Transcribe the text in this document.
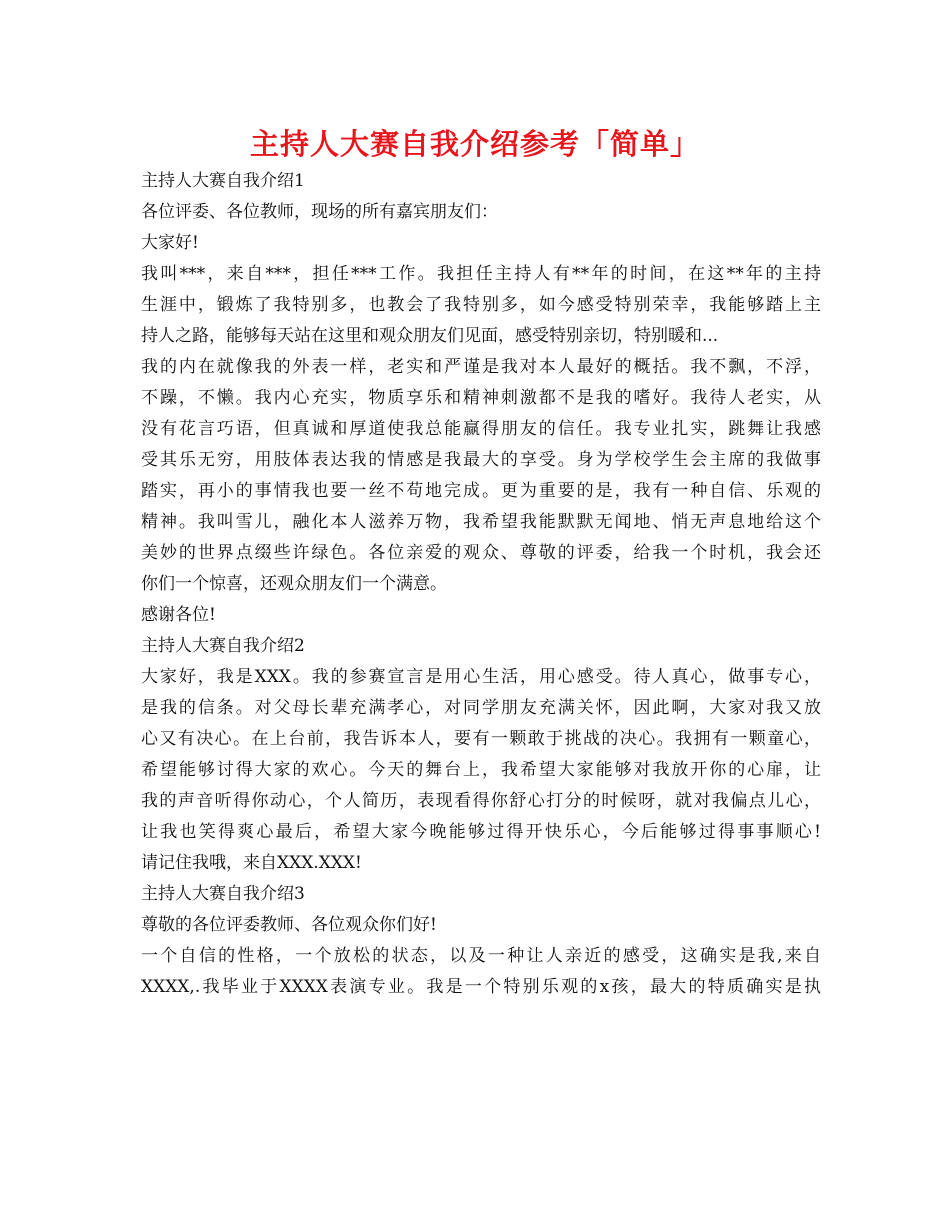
主持人大赛自我介绍参考「简单」
主持人大赛自我介绍1
各位评委、各位教师，现场的所有嘉宾朋友们：
大家好!
我叫***，来自***，担任***工作。我担任主持人有**年的时间，在这**年的主持
生涯中，锻炼了我特别多，也教会了我特别多，如今感受特别荣幸，我能够踏上主
持人之路，能够每天站在这里和观众朋友们见面，感受特别亲切，特别暖和...
我的内在就像我的外表一样，老实和严谨是我对本人最好的概括。我不飘，不浮，
不躁，不懒。我内心充实，物质享乐和精神刺激都不是我的嗜好。我待人老实，从
没有花言巧语，但真诚和厚道使我总能赢得朋友的信任。我专业扎实，跳舞让我感
受其乐无穷，用肢体表达我的情感是我最大的享受。身为学校学生会主席的我做事
踏实，再小的事情我也要一丝不苟地完成。更为重要的是，我有一种自信、乐观的
精神。我叫雪儿，融化本人滋养万物，我希望我能默默无闻地、悄无声息地给这个
美妙的世界点缀些许绿色。各位亲爱的观众、尊敬的评委，给我一个时机，我会还
你们一个惊喜，还观众朋友们一个满意。
感谢各位!
主持人大赛自我介绍2
大家好，我是XXX。我的参赛宣言是用心生活，用心感受。待人真心，做事专心，
是我的信条。对父母长辈充满孝心，对同学朋友充满关怀，因此啊，大家对我又放
心又有决心。在上台前，我告诉本人，要有一颗敢于挑战的决心。我拥有一颗童心，
希望能够讨得大家的欢心。今天的舞台上，我希望大家能够对我放开你的心扉，让
我的声音听得你动心，个人简历，表现看得你舒心打分的时候呀，就对我偏点儿心，
让我也笑得爽心最后，希望大家今晚能够过得开快乐心，今后能够过得事事顺心!
请记住我哦，来自XXX.XXX!
主持人大赛自我介绍3
尊敬的各位评委教师、各位观众你们好!
一个自信的性格，一个放松的状态，以及一种让人亲近的感受，这确实是我,来自
XXXX,.我毕业于XXXX表演专业。我是一个特别乐观的x孩，最大的特质确实是执
